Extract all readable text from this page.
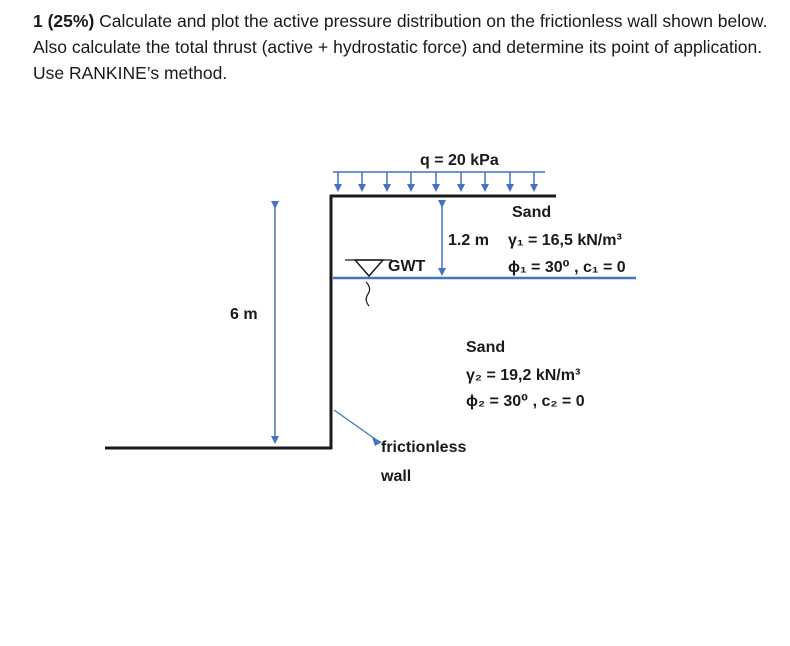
1 (25%) Calculate and plot the active pressure distribution on the frictionless wall shown below. Also calculate the total thrust (active + hydrostatic force) and determine its point of application. Use RANKINE’s method.
q = 20 kPa
6 m
1.2 m
GWT
Sand
γ₁ = 16,5 kN/m³
ϕ₁ = 30⁰ , c₁ = 0
Sand
γ₂ = 19,2 kN/m³
ϕ₂ = 30⁰ , c₂ = 0
frictionless
wall
